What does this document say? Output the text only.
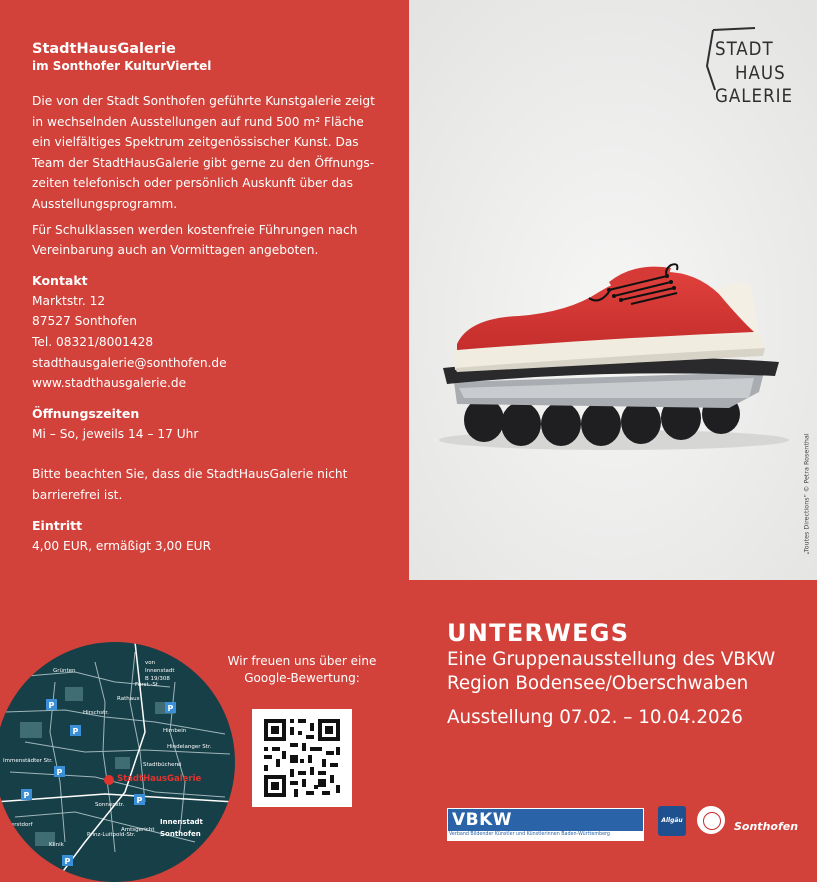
StadtHausGalerie
im Sonthofer KulturViertel

Die von der Stadt Sonthofen geführte Kunstgalerie zeigt
in wechselnden Ausstellungen auf rund 500 m² Fläche
ein vielfältiges Spektrum zeitgenössischer Kunst. Das
Team der StadtHausGalerie gibt gerne zu den Öffnungs-
zeiten telefonisch oder persönlich Auskunft über das
Ausstellungsprogramm.

Für Schulklassen werden kostenfreie Führungen nach
Vereinbarung auch an Vormittagen angeboten.

Kontakt
Marktstr. 12
87527 Sonthofen
Tel. 08321/8001428
stadthausgalerie@sonthofen.de
www.stadthausgalerie.de
Öffnungszeiten
Mi – So, jeweils 14 – 17 Uhr
Bitte beachten Sie, dass die StadtHausGalerie nicht
barrierefrei ist.
Eintritt
4,00 EUR, ermäßigt 3,00 EUR	„Toutes Directions“ © Petra Rosenthal
STADT
HAUS
GALERIE
UNTERWEGS
Eine Gruppenausstellung des VBKW
Region Bodensee/Oberschwaben
Ausstellung 07.02. – 10.04.2026
P
P
P
P
P
P
P
StadtHausGalerie
Grünten
Fürst.-St.
von
Innenstadt
B 19/308
Rathaus
Hirschstr.
Hirnbein
Hindelanger Str.
Stadtbücherei
Immenstädter Str.
Sonnenstr.
Oberstdorf
B 19
Klinik
Amtsgericht
Prinz-Luitpold-Str.
Innenstadt
Sonthofen
Wir freuen uns über eine
Google-Bewertung:
VBKW
Verband Bildender Künstler und Künstlerinnen Baden-Württemberg
Allgäu	Sonthofen
